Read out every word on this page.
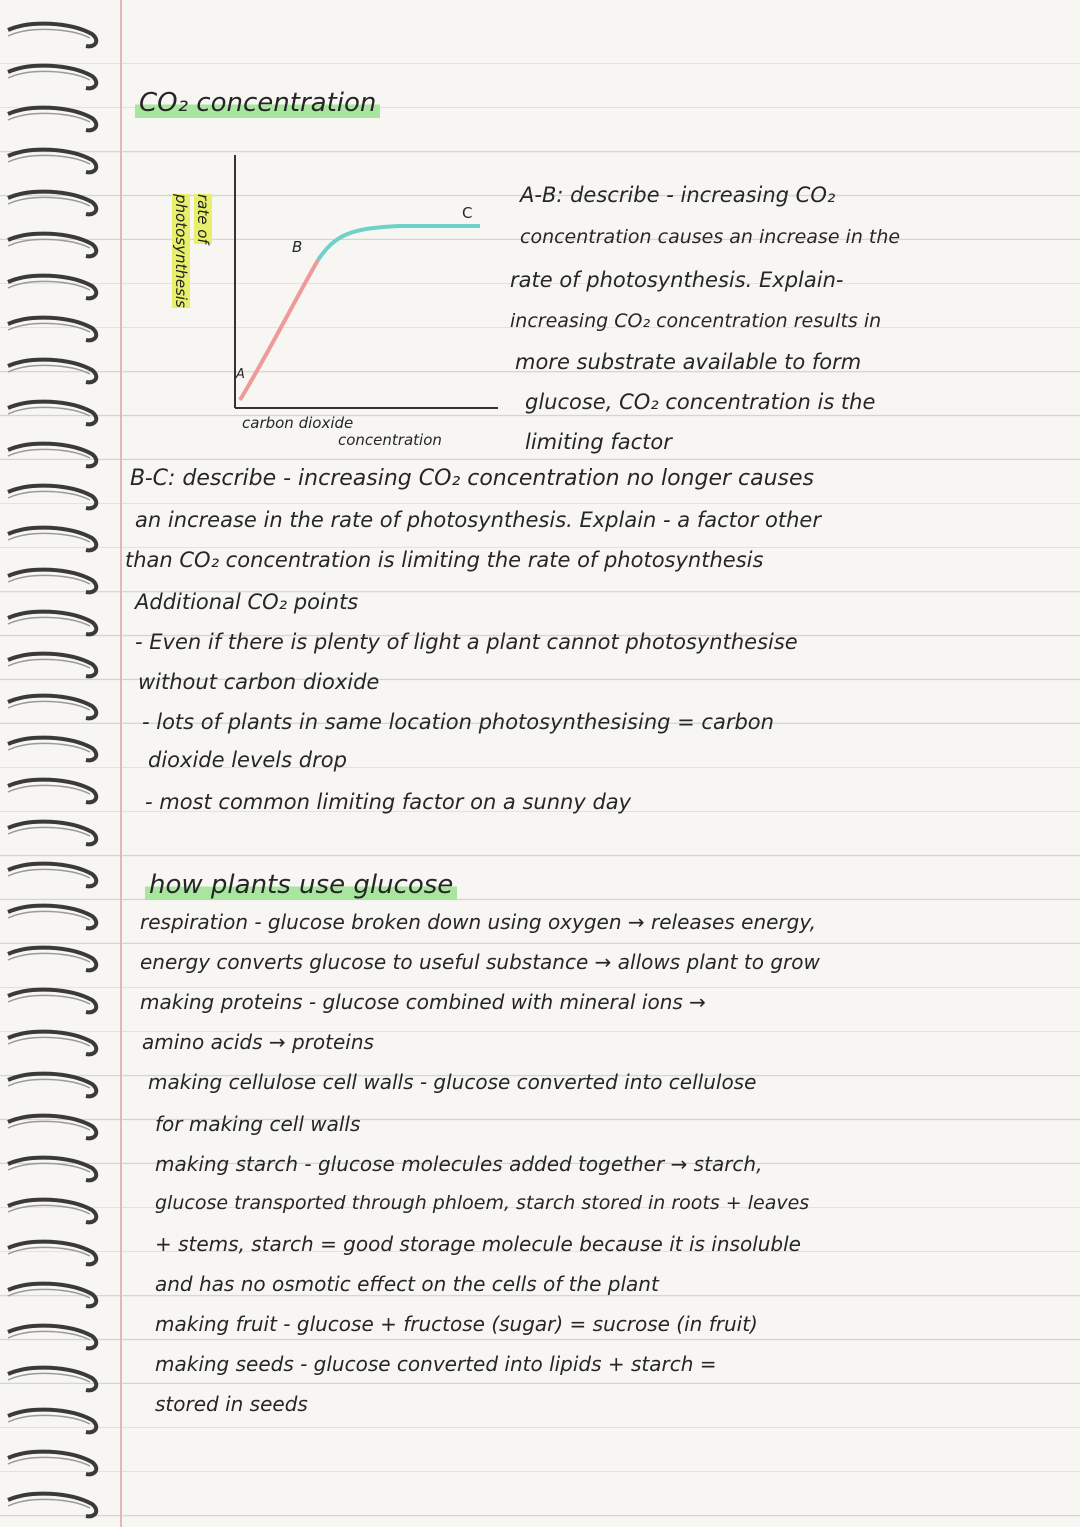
CO₂ concentration
rate of
photosynthesis
A
B
C
carbon dioxide
concentration
A-B: describe - increasing CO₂
concentration causes an increase in the
rate of photosynthesis. Explain-
increasing CO₂ concentration results in
more substrate available to form
glucose, CO₂ concentration is the
limiting factor
B-C: describe - increasing CO₂ concentration no longer causes
an increase in the rate of photosynthesis. Explain - a factor other
than CO₂ concentration is limiting the rate of photosynthesis
Additional CO₂ points
- Even if there is plenty of light a plant cannot photosynthesise
without carbon dioxide
- lots of plants in same location photosynthesising = carbon
dioxide levels drop
- most common limiting factor on a sunny day
how plants use glucose
respiration - glucose broken down using oxygen → releases energy,
energy converts glucose to useful substance → allows plant to grow
making proteins - glucose combined with mineral ions →
amino acids → proteins
making cellulose cell walls - glucose converted into cellulose
for making cell walls
making starch - glucose molecules added together → starch,
glucose transported through phloem, starch stored in roots + leaves
+ stems, starch = good storage molecule because it is insoluble
and has no osmotic effect on the cells of the plant
making fruit - glucose + fructose (sugar) = sucrose (in fruit)
making seeds - glucose converted into lipids + starch =
stored in seeds
